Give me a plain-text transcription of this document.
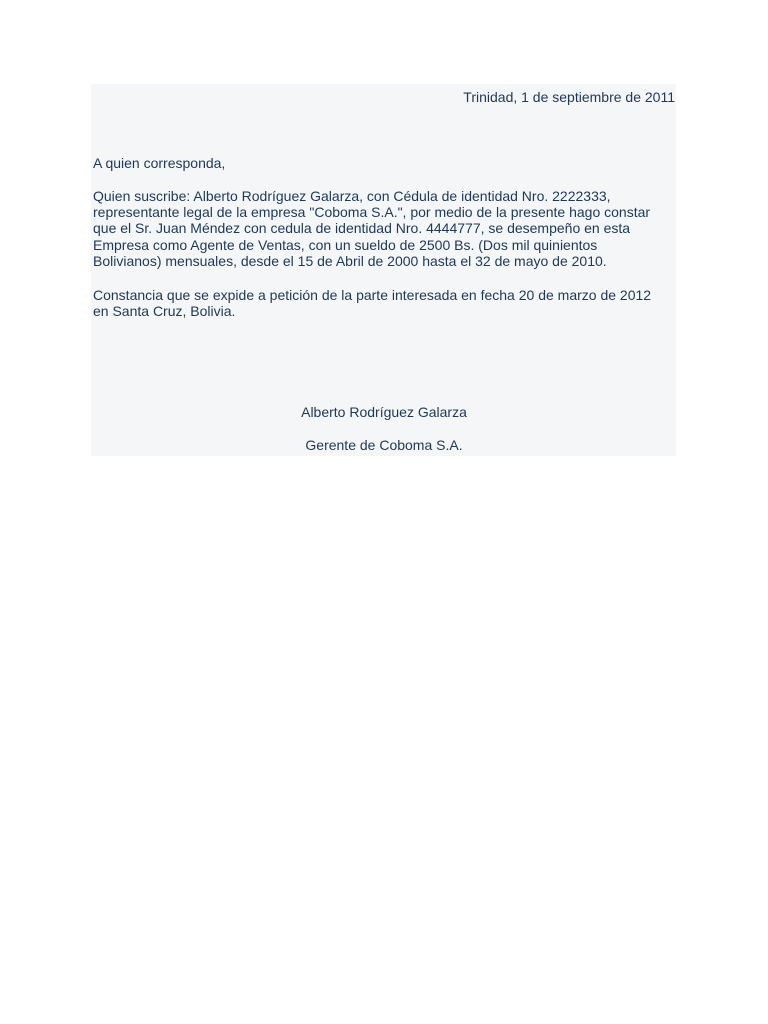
Trinidad, 1 de septiembre de 2011

A quien corresponda,

Quien suscribe: Alberto Rodríguez Galarza, con Cédula de identidad Nro. 2222333,

representante legal de la empresa "Coboma S.A.", por medio de la presente hago constar

que el Sr. Juan Méndez con cedula de identidad Nro. 4444777, se desempeño en esta

Empresa como Agente de Ventas, con un sueldo de 2500 Bs. (Dos mil quinientos

Bolivianos) mensuales, desde el 15 de Abril de 2000 hasta el 32 de mayo de 2010.

Constancia que se expide a petición de la parte interesada en fecha 20 de marzo de 2012

en Santa Cruz, Bolivia.

Alberto Rodríguez Galarza

Gerente de Coboma S.A.
